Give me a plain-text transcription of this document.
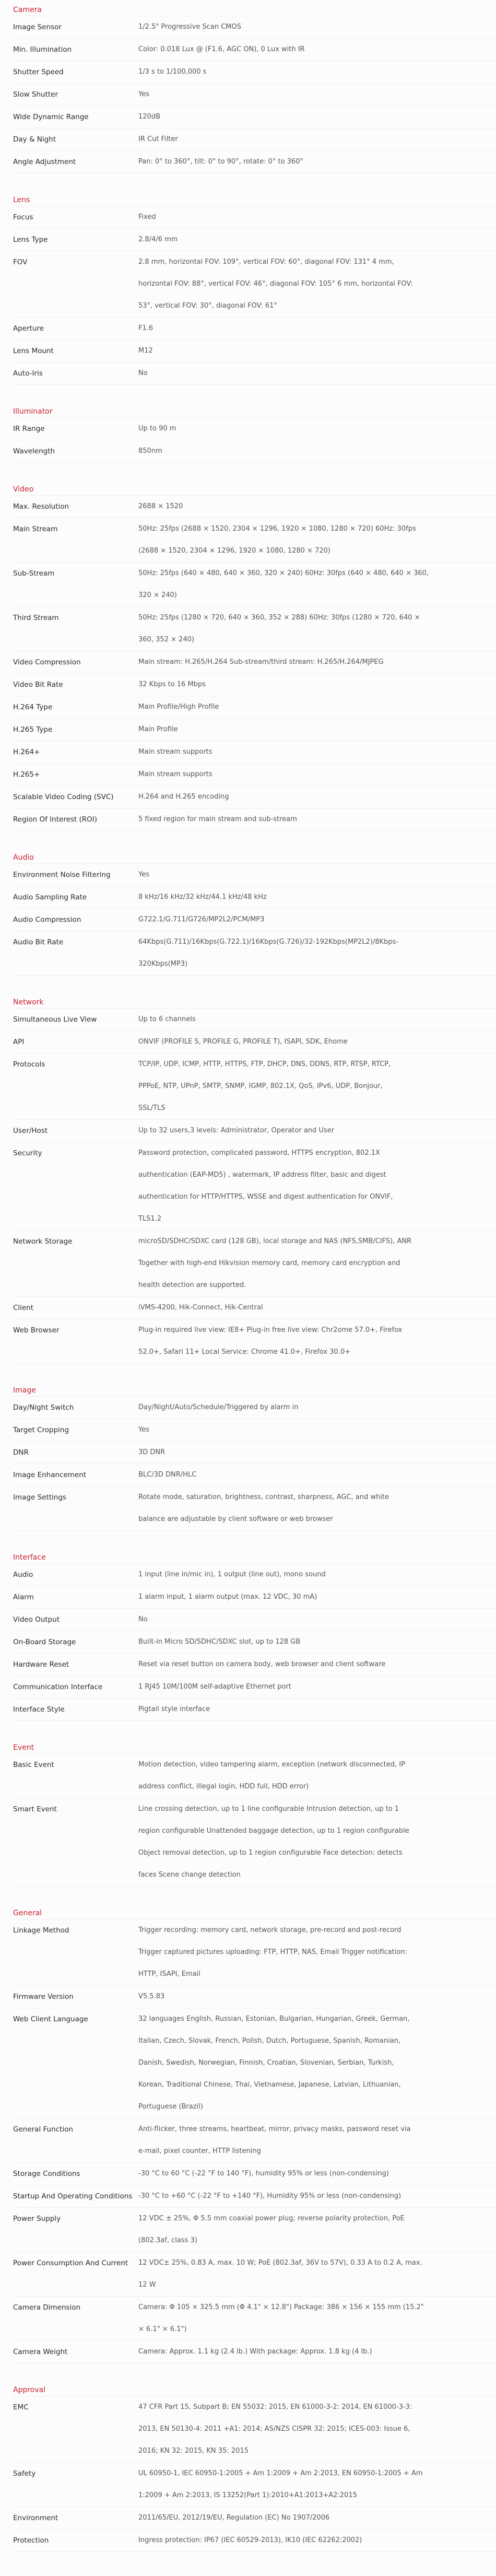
Camera
Image Sensor	1/2.5" Progressive Scan CMOS
Min. Illumination	Color: 0.018 Lux @ (F1.6, AGC ON), 0 Lux with IR
Shutter Speed	1/3 s to 1/100,000 s
Slow Shutter	Yes
Wide Dynamic Range	120dB
Day & Night	IR Cut Filter
Angle Adjustment	Pan: 0° to 360°, tilt: 0° to 90°, rotate: 0° to 360°
Lens
Focus	Fixed
Lens Type	2.8/4/6 mm
FOV	2.8 mm, horizontal FOV: 109°, vertical FOV: 60°, diagonal FOV: 131° 4 mm,
horizontal FOV: 88°, vertical FOV: 46°, diagonal FOV: 105° 6 mm, horizontal FOV:
53°, vertical FOV: 30°, diagonal FOV: 61°
Aperture	F1.6
Lens Mount	M12
Auto-Iris	No
Illuminator
IR Range	Up to 90 m
Wavelength	850nm
Video
Max. Resolution	2688 × 1520
Main Stream	50Hz: 25fps (2688 × 1520, 2304 × 1296, 1920 × 1080, 1280 × 720) 60Hz: 30fps
(2688 × 1520, 2304 × 1296, 1920 × 1080, 1280 × 720)
Sub-Stream	50Hz: 25fps (640 × 480, 640 × 360, 320 × 240) 60Hz: 30fps (640 × 480, 640 × 360,
320 × 240)
Third Stream	50Hz: 25fps (1280 × 720, 640 × 360, 352 × 288) 60Hz: 30fps (1280 × 720, 640 ×
360, 352 × 240)
Video Compression	Main stream: H.265/H.264 Sub-stream/third stream: H.265/H.264/MJPEG
Video Bit Rate	32 Kbps to 16 Mbps
H.264 Type	Main Profile/High Profile
H.265 Type	Main Profile
H.264+	Main stream supports
H.265+	Main stream supports
Scalable Video Coding (SVC)	H.264 and H.265 encoding
Region Of Interest (ROI)	5 fixed region for main stream and sub-stream
Audio
Environment Noise Filtering	Yes
Audio Sampling Rate	8 kHz/16 kHz/32 kHz/44.1 kHz/48 kHz
Audio Compression	G722.1/G.711/G726/MP2L2/PCM/MP3
Audio Bit Rate	64Kbps(G.711)/16Kbps(G.722.1)/16Kbps(G.726)/32-192Kbps(MP2L2)/8Kbps-
320Kbps(MP3)
Network
Simultaneous Live View	Up to 6 channels
API	ONVIF (PROFILE S, PROFILE G, PROFILE T), ISAPI, SDK, Ehome
Protocols	TCP/IP, UDP, ICMP, HTTP, HTTPS, FTP, DHCP, DNS, DDNS, RTP, RTSP, RTCP,
PPPoE, NTP, UPnP, SMTP, SNMP, IGMP, 802.1X, QoS, IPv6, UDP, Bonjour,
SSL/TLS
User/Host	Up to 32 users,3 levels: Administrator, Operator and User
Security	Password protection, complicated password, HTTPS encryption, 802.1X
authentication (EAP-MD5) , watermark, IP address filter, basic and digest
authentication for HTTP/HTTPS, WSSE and digest authentication for ONVIF,
TLS1.2
Network Storage	microSD/SDHC/SDXC card (128 GB), local storage and NAS (NFS,SMB/CIFS), ANR
Together with high-end Hikvision memory card, memory card encryption and
health detection are supported.
Client	iVMS-4200, Hik-Connect, Hik-Central
Web Browser	Plug-in required live view: IE8+ Plug-in free live view: Chr2ome 57.0+, Firefox
52.0+, Safari 11+ Local Service: Chrome 41.0+, Firefox 30.0+
Image
Day/Night Switch	Day/Night/Auto/Schedule/Triggered by alarm in
Target Cropping	Yes
DNR	3D DNR
Image Enhancement	BLC/3D DNR/HLC
Image Settings	Rotate mode, saturation, brightness, contrast, sharpness, AGC, and white
balance are adjustable by client software or web browser
Interface
Audio	1 input (line in/mic in), 1 output (line out), mono sound
Alarm	1 alarm input, 1 alarm output (max. 12 VDC, 30 mA)
Video Output	No
On-Board Storage	Built-in Micro SD/SDHC/SDXC slot, up to 128 GB
Hardware Reset	Reset via reset button on camera body, web browser and client software
Communication Interface	1 RJ45 10M/100M self-adaptive Ethernet port
Interface Style	Pigtail style interface
Event
Basic Event	Motion detection, video tampering alarm, exception (network disconnected, IP
address conflict, illegal login, HDD full, HDD error)
Smart Event	Line crossing detection, up to 1 line configurable Intrusion detection, up to 1
region configurable Unattended baggage detection, up to 1 region configurable
Object removal detection, up to 1 region configurable Face detection: detects
faces Scene change detection
General
Linkage Method	Trigger recording: memory card, network storage, pre-record and post-record
Trigger captured pictures uploading: FTP, HTTP, NAS, Email Trigger notification:
HTTP, ISAPI, Email
Firmware Version	V5.5.83
Web Client Language	32 languages English, Russian, Estonian, Bulgarian, Hungarian, Greek, German,
Italian, Czech, Slovak, French, Polish, Dutch, Portuguese, Spanish, Romanian,
Danish, Swedish, Norwegian, Finnish, Croatian, Slovenian, Serbian, Turkish,
Korean, Traditional Chinese, Thai, Vietnamese, Japanese, Latvian, Lithuanian,
Portuguese (Brazil)
General Function	Anti-flicker, three streams, heartbeat, mirror, privacy masks, password reset via
e-mail, pixel counter, HTTP listening
Storage Conditions	-30 °C to 60 °C (-22 °F to 140 °F), humidity 95% or less (non-condensing)
Startup And Operating Conditions -30 °C to +60 °C (-22 °F to +140 °F), Humidity 95% or less (non-condensing)
Power Supply	12 VDC ± 25%, Φ 5.5 mm coaxial power plug; reverse polarity protection, PoE
(802.3af, class 3)
Power Consumption And Current	12 VDC± 25%, 0.83 A, max. 10 W; PoE (802.3af, 36V to 57V), 0.33 A to 0.2 A, max.
12 W
Camera Dimension	Camera: Φ 105 × 325.5 mm (Φ 4.1" × 12.8") Package: 386 × 156 × 155 mm (15.2"
× 6.1" × 6.1")
Camera Weight	Camera: Approx. 1.1 kg (2.4 lb.) With package: Approx. 1.8 kg (4 lb.)
Approval
EMC	47 CFR Part 15, Subpart B; EN 55032: 2015, EN 61000-3-2: 2014, EN 61000-3-3:
2013, EN 50130-4: 2011 +A1: 2014; AS/NZS CISPR 32: 2015; ICES-003: Issue 6,
2016; KN 32: 2015, KN 35: 2015
Safety	UL 60950-1, IEC 60950-1:2005 + Am 1:2009 + Am 2:2013, EN 60950-1:2005 + Am
1:2009 + Am 2:2013, IS 13252(Part 1):2010+A1:2013+A2:2015
Environment	2011/65/EU, 2012/19/EU, Regulation (EC) No 1907/2006
Protection	Ingress protection: IP67 (IEC 60529-2013), IK10 (IEC 62262:2002)
